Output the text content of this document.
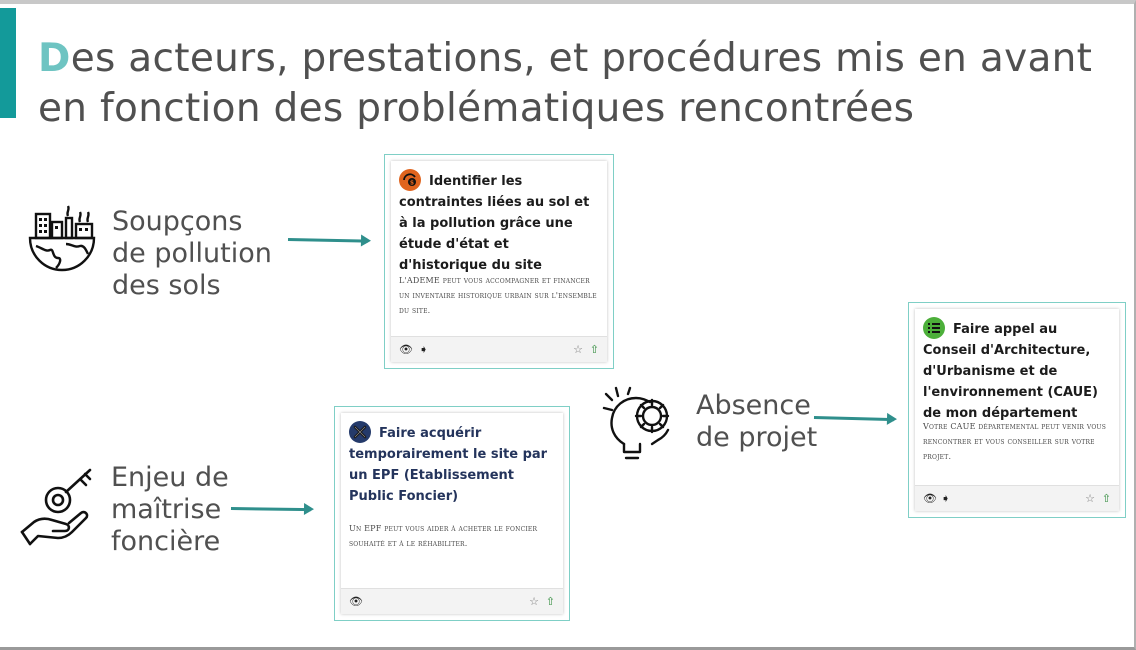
Des acteurs, prestations, et procédures mis en avant en fonction des problématiques rencontrées
Soupçons de pollution des sols
Enjeu de maîtrise foncière
Absence de projet
$ Identifier les contraintes liées au sol et à la pollution grâce une étude d'état et d'historique du site
L'ADEME peut vous accompagner et financer un inventaire historique urbain sur l'ensemble du site.
👁 ➧	☆ ⇧
Faire acquérir temporairement le site par un EPF (Etablissement Public Foncier)
Un EPF peut vous aider à acheter le foncier souhaité et à le réhabiliter.
👁	☆ ⇧
Faire appel au Conseil d'Architecture, d'Urbanisme et de l'environnement (CAUE) de mon département
Votre CAUE départemental peut venir vous rencontrer et vous conseiller sur votre projet.
👁 ➧	☆ ⇧
